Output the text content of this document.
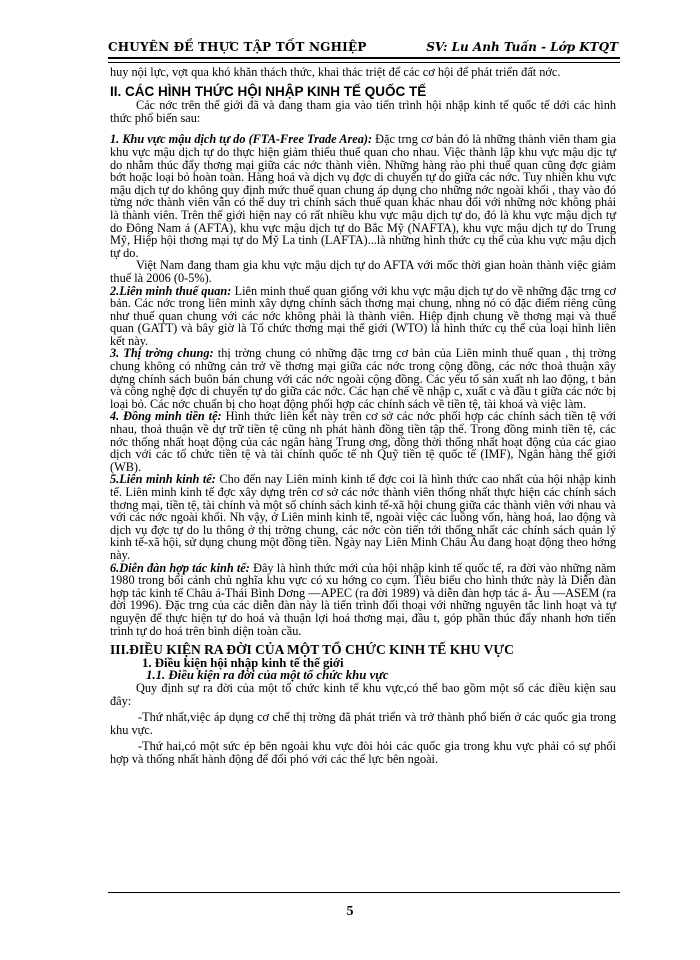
CHUYÊN ĐỀ THỰC TẬP TỐT NGHIỆP	SV: Lu Anh Tuấn - Lớp KTQT

huy nội lực, vợt qua khó khăn thách thức, khai thác triệt để các cơ hội để phát triển đất nớc.

II. CÁC HÌNH THỨC HỘI NHẬP KINH TẾ QUỐC TẾ

Các nớc trên thế giới đã và đang tham gia vào tiến trình hội nhập kinh tế quốc tế dới các hình thức phổ biến sau:

1. Khu vực mậu dịch tự do (FTA-Free Trade Area): Đặc trng cơ bản đó là những thành viên tham gia khu vực mậu dịch tự do thực hiện giảm thiểu thuế quan cho nhau. Việc thành lập khu vực mậu dịc tự do nhằm thúc đẩy thơng mại giữa các nớc thành viên. Những hàng rào phi thuế quan cũng đợc giảm bớt hoặc loại bỏ hoàn toàn. Hàng hoá và dịch vụ đợc di chuyển tự do giữa các nớc. Tuy nhiên khu vực mậu dịch tự do không quy định mức thuế quan chung áp dụng cho những nớc ngoài khối , thay vào đó từng nớc thành viên vẫn có thể duy trì chính sách thuế quan khác nhau đối với những nớc không phải là thành viên. Trên thế giới hiện nay có rất nhiều khu vực mậu dịch tự do, đó là khu vực mậu dịch tự do Đông Nam á (AFTA), khu vực mậu dịch tự do Bắc Mỹ (NAFTA), khu vực mậu dịch tự do Trung Mỹ, Hiệp hội thơng mại tự do Mỹ La tinh (LAFTA)...là những hình thức cụ thể của khu vực mậu dịch tự do.

Việt Nam đang tham gia khu vực mậu dịch tự do AFTA với mốc thời gian hoàn thành việc giảm thuế là 2006 (0-5%).

2.Liên minh thuế quan: Liên minh thuế quan giống với khu vực mậu dịch tự do về những đặc trng cơ bản. Các nớc trong liên minh xây dựng chính sách thơng mại chung, nhng nó có đặc điểm riêng cũng như thuế quan chung với các nớc không phải là thành viên. Hiệp định chung về thơng mại và thuế quan (GATT) và bây giờ là Tổ chức thơng mại thế giới (WTO) là hình thức cụ thể của loại hình liên kết này.

3. Thị trờng chung: thị trờng chung có những đặc trng cơ bản của Liên minh thuế quan , thị trờng chung không có những cản trở về thơng mại giữa các nớc trong cộng đồng, các nớc thoả thuận xây dựng chính sách buôn bán chung với các nớc ngoài cộng đồng. Các yếu tố sản xuất nh lao động, t bản và công nghệ đợc di chuyển tự do giữa các nớc. Các hạn chế về nhập c, xuất c và đầu t giữa các nớc bị loại bỏ. Các nớc chuẩn bị cho hoạt động phối hợp các chính sách về tiền tệ, tài khoá và việc làm.

4. Đồng minh tiền tệ: Hình thức liên kết này trên cơ sở các nớc phối hợp các chính sách tiền tệ với nhau, thoả thuận về dự trữ tiền tệ cũng nh phát hành đồng tiền tập thể. Trong đồng minh tiền tệ, các nớc thống nhất hoạt động của các ngân hàng Trung ơng, đồng thời thống nhất hoạt động của các giao dịch với các tổ chức tiền tệ và tài chính quốc tế nh Quỹ tiền tệ quốc tế (IMF), Ngân hàng thế giới (WB).

5.Liên minh kinh tế: Cho đến nay Liên minh kinh tế đợc coi là hình thức cao nhất của hội nhập kinh tế. Liên minh kinh tế đợc xây dựng trên cơ sở các nớc thành viên thống nhất thực hiện các chính sách thơng mại, tiền tệ, tài chính và một số chính sách kinh tế-xã hội chung giữa các thành viên với nhau và với các nớc ngoài khối. Nh vậy, ở Liên minh kinh tế, ngoài việc các luồng vốn, hàng hoá, lao động và dịch vụ đợc tự do lu thông ở thị trờng chung, các nớc còn tiến tới thống nhất các chính sách quản lý kinh tế-xã hội, sử dụng chung một đồng tiền. Ngày nay Liên Minh Châu Âu đang hoạt động theo hớng này.

6.Diễn đàn hợp tác kinh tế: Đây là hình thức mới của hội nhập kinh tế quốc tế, ra đời vào những năm 1980 trong bối cảnh chủ nghĩa khu vực có xu hớng co cụm. Tiêu biểu cho hình thức này là Diễn đàn hợp tác kinh tế Châu á-Thái Bình Dơng —APEC (ra đời 1989) và diễn đàn hợp tác á- Âu —ASEM (ra đời 1996). Đặc trng của các diễn đàn này là tiến trình đối thoại với những nguyên tắc linh hoạt và tự nguyện để thực hiện tự do hoá và thuận lợi hoá thơng mại, đầu t, góp phần thúc đẩy nhanh hơn tiến trình tự do hoá trên bình diện toàn cầu.

III.ĐIỀU KIỆN RA ĐỜI CỦA MỘT TỔ CHỨC KINH TẾ KHU VỰC

1. Điều kiện hội nhập kinh tế thế giới

1.1. Điều kiện ra đời của một tổ chức khu vực

Quy định sự ra đời của một tổ chức kinh tế khu vực,có thể bao gồm một số các điều kiện sau đây:

-Thứ nhất,việc áp dụng cơ chế thị trờng đã phát triển và trở thành phổ biến ở các quốc gia trong khu vực.

-Thứ hai,có một sức ép bên ngoài khu vực đòi hỏi các quốc gia trong khu vực phải có sự phối hợp và thống nhất hành động để đối phó với các thế lực bên ngoài.

5
